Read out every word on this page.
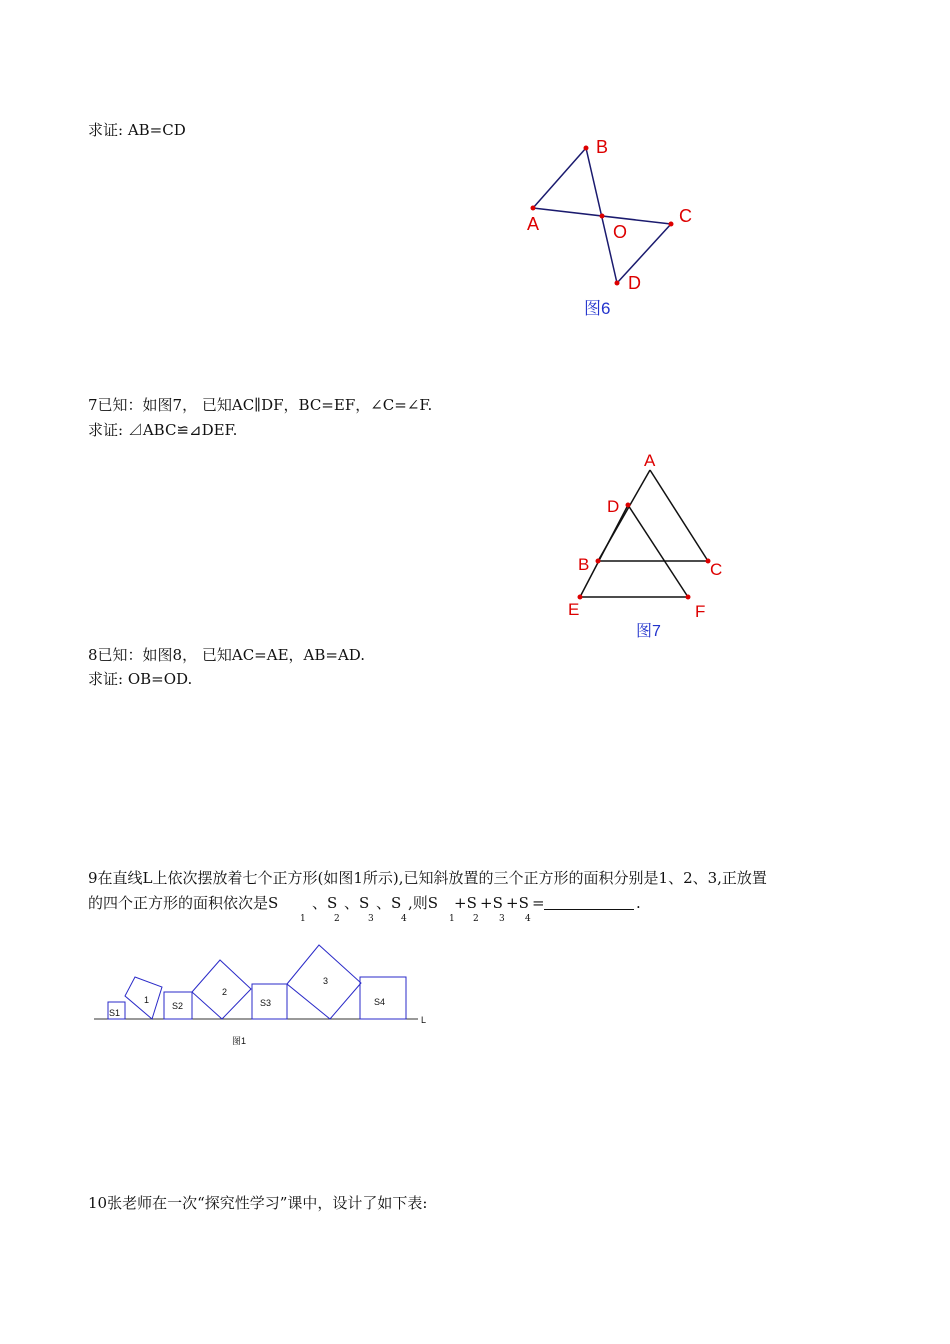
求证: AB=CD
B
A	C
O
D
图6
7已知：如图7， 已知AC∥DF，BC=EF，∠C=∠F.
求证: ⊿ABC≌⊿DEF.
A
D
B	C
E	F
图7
8已知：如图8， 已知AC=AE，AB=AD.
求证: OB=OD.
9在直线L上依次摆放着七个正方形(如图1所示),已知斜放置的三个正方形的面积分别是1、2、3,正放置
的四个正方形的面积依次是S
1
、S
2
、S
3
、S
4
,则S
1
+S
2
+S
3
+S
4
=	.
S1
1
S2
2
S3
3
S4
L
图1
10张老师在一次“探究性学习”课中，设计了如下表:
